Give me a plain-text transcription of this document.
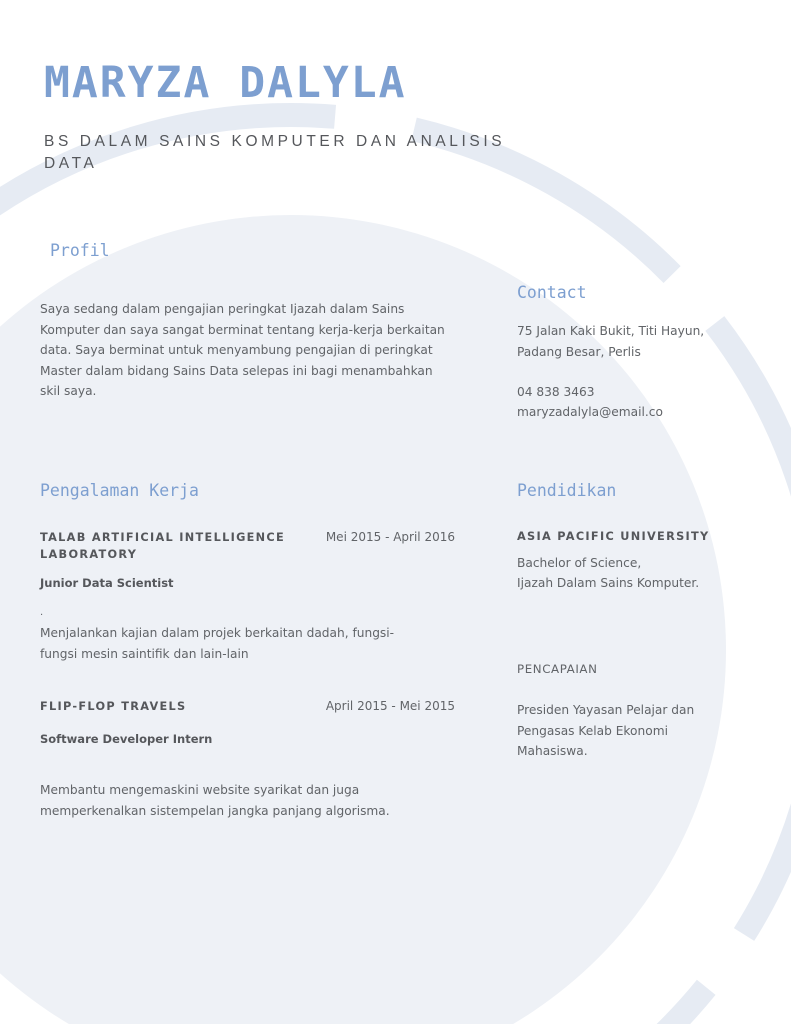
MARYZA DALYLA
BS DALAM SAINS KOMPUTER DAN ANALISIS DATA
Profil
Saya sedang dalam pengajian peringkat Ijazah dalam Sains Komputer dan saya sangat berminat tentang kerja-kerja berkaitan data. Saya berminat untuk menyambung pengajian di peringkat Master dalam bidang Sains Data selepas ini bagi menambahkan skil saya.
Contact
75 Jalan Kaki Bukit, Titi Hayun, Padang Besar, Perlis
04 838 3463
maryzadalyla@email.co
Pengalaman Kerja
TALAB ARTIFICIAL INTELLIGENCE LABORATORY
Mei 2015 - April 2016
Junior Data Scientist
.
Menjalankan kajian dalam projek berkaitan dadah, fungsi-fungsi mesin saintifik dan lain-lain
FLIP-FLOP TRAVELS	April 2015 - Mei 2015
Software Developer Intern
Membantu mengemaskini website syarikat dan juga memperkenalkan sistempelan jangka panjang algorisma.
Pendidikan
ASIA PACIFIC UNIVERSITY
Bachelor of Science,
Ijazah Dalam Sains Komputer.
PENCAPAIAN
Presiden Yayasan Pelajar dan Pengasas Kelab Ekonomi Mahasiswa.
